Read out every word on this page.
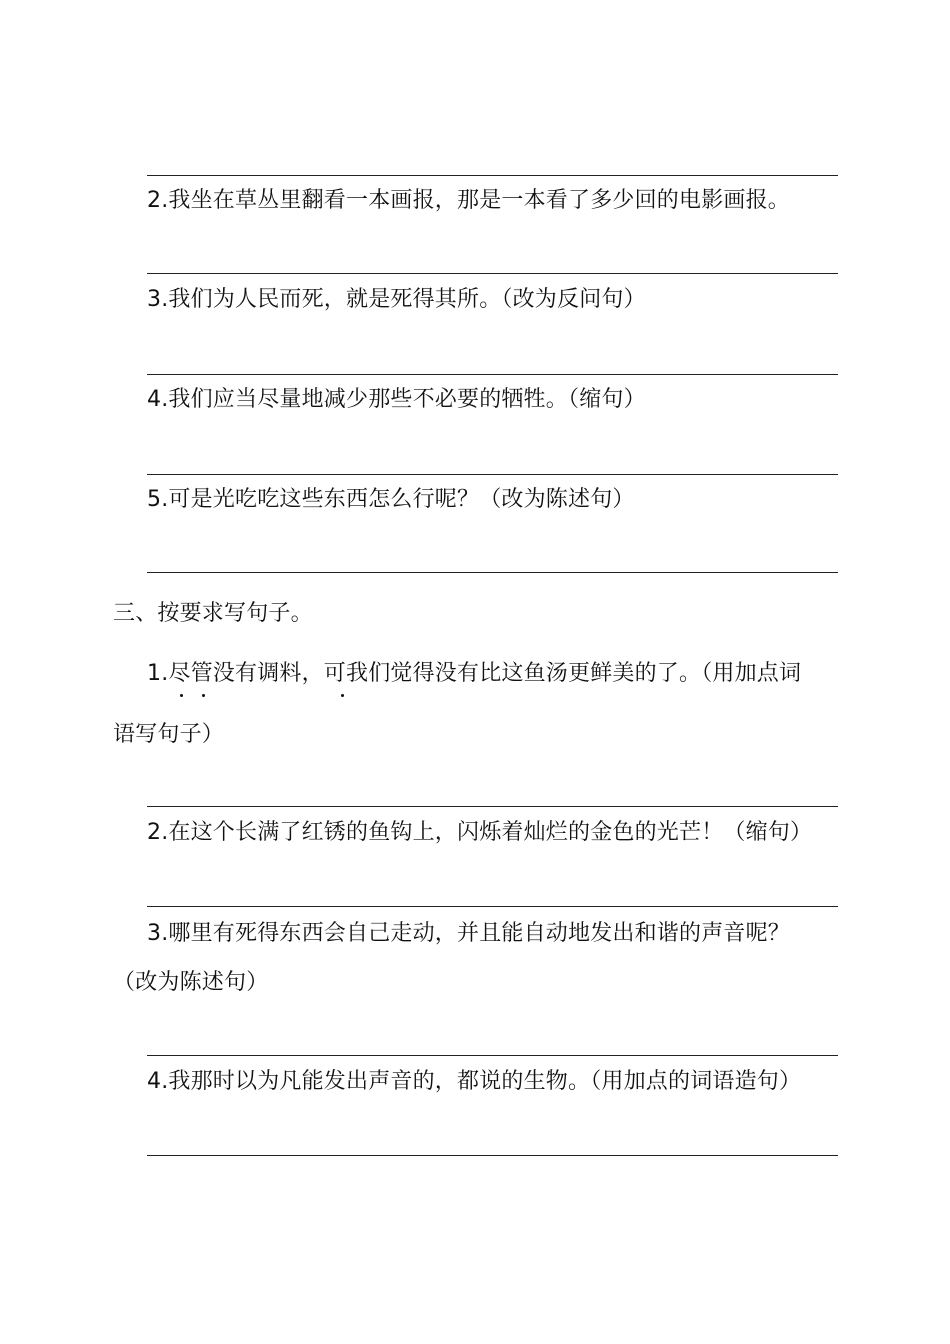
2.我坐在草丛里翻看一本画报，那是一本看了多少回的电影画报。
3.我们为人民而死，就是死得其所。（改为反问句）
4.我们应当尽量地减少那些不必要的牺牲。（缩句）
5.可是光吃吃这些东西怎么行呢？（改为陈述句）
三、按要求写句子。
1.尽管没有调料，可我们觉得没有比这鱼汤更鲜美的了。（用加点词
语写句子）
2.在这个长满了红锈的鱼钩上，闪烁着灿烂的金色的光芒！（缩句）
3.哪里有死得东西会自己走动，并且能自动地发出和谐的声音呢？
（改为陈述句）
4.我那时以为凡能发出声音的，都说的生物。（用加点的词语造句）
